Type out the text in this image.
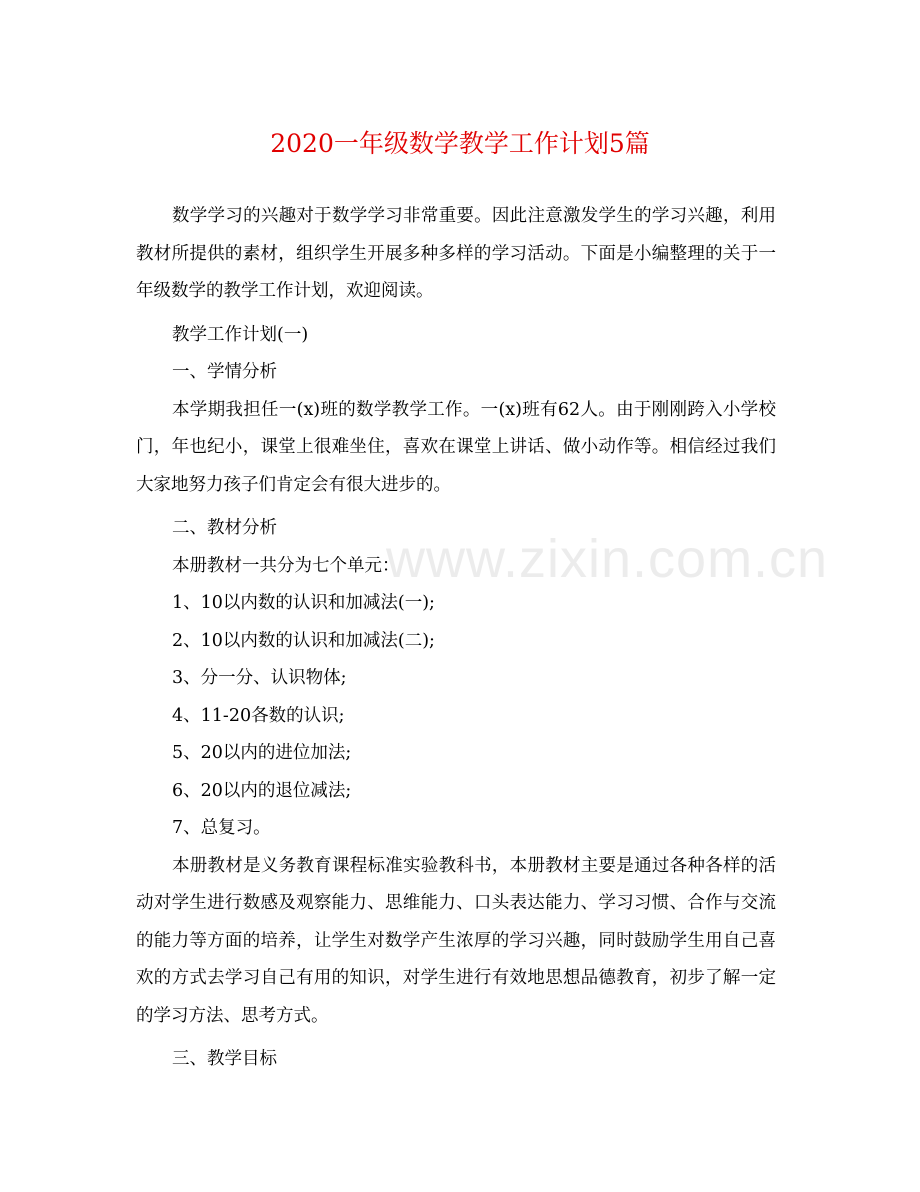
www.zixin.com.cn
2020一年级数学教学工作计划5篇

数学学习的兴趣对于数学学习非常重要。因此注意激发学生的学习兴趣，利用教材所提供的素材，组织学生开展多种多样的学习活动。下面是小编整理的关于一年级数学的教学工作计划，欢迎阅读。

教学工作计划(一)

一、学情分析

本学期我担任一(x)班的数学教学工作。一(x)班有62人。由于刚刚跨入小学校门，年也纪小，课堂上很难坐住，喜欢在课堂上讲话、做小动作等。相信经过我们大家地努力孩子们肯定会有很大进步的。

二、教材分析

本册教材一共分为七个单元：

1、10以内数的认识和加减法(一);

2、10以内数的认识和加减法(二);

3、分一分、认识物体;

4、11-20各数的认识;

5、20以内的进位加法;

6、20以内的退位减法;

7、总复习。

本册教材是义务教育课程标准实验教科书，本册教材主要是通过各种各样的活动对学生进行数感及观察能力、思维能力、口头表达能力、学习习惯、合作与交流的能力等方面的培养，让学生对数学产生浓厚的学习兴趣，同时鼓励学生用自己喜欢的方式去学习自己有用的知识，对学生进行有效地思想品德教育，初步了解一定的学习方法、思考方式。

三、教学目标
